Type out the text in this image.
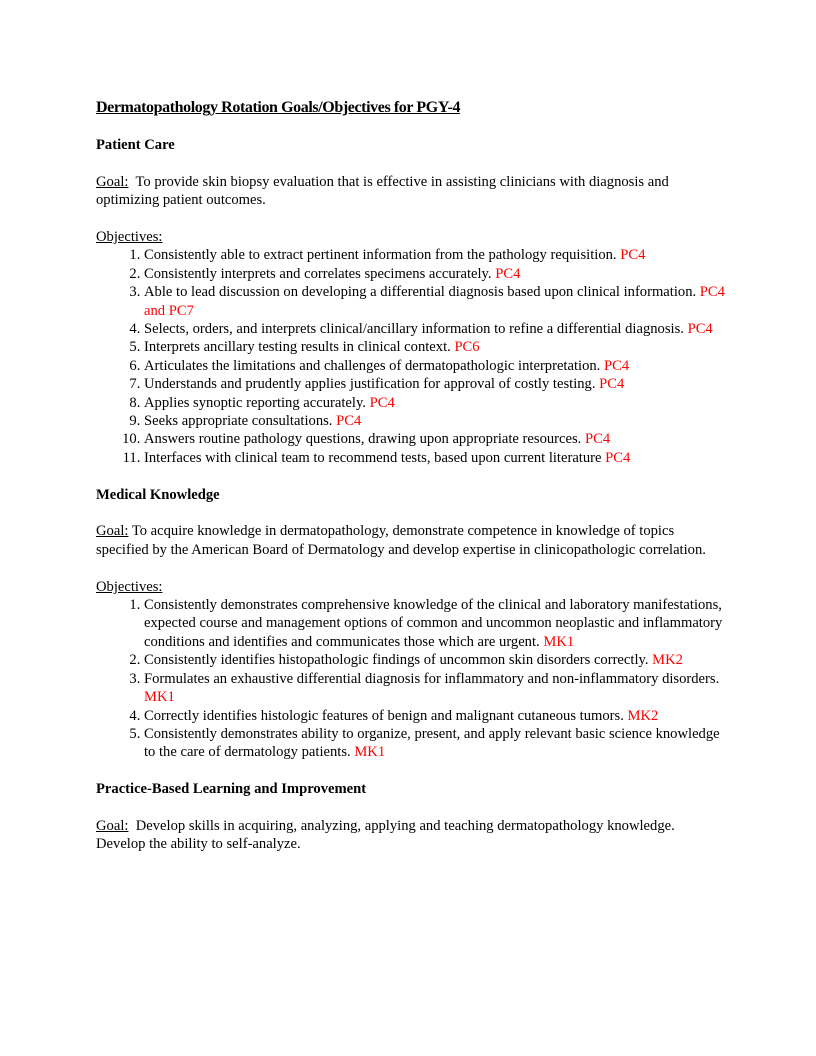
Dermatopathology Rotation Goals/Objectives for PGY-4
Patient Care
Goal: To provide skin biopsy evaluation that is effective in assisting clinicians with diagnosis and optimizing patient outcomes.
Objectives:
1. Consistently able to extract pertinent information from the pathology requisition. PC4
2. Consistently interprets and correlates specimens accurately. PC4
3. Able to lead discussion on developing a differential diagnosis based upon clinical information. PC4 and PC7
4. Selects, orders, and interprets clinical/ancillary information to refine a differential diagnosis. PC4
5. Interprets ancillary testing results in clinical context. PC6
6. Articulates the limitations and challenges of dermatopathologic interpretation. PC4
7. Understands and prudently applies justification for approval of costly testing. PC4
8. Applies synoptic reporting accurately. PC4
9. Seeks appropriate consultations. PC4
10. Answers routine pathology questions, drawing upon appropriate resources. PC4
11. Interfaces with clinical team to recommend tests, based upon current literature PC4
Medical Knowledge
Goal: To acquire knowledge in dermatopathology, demonstrate competence in knowledge of topics specified by the American Board of Dermatology and develop expertise in clinicopathologic correlation.
Objectives:
1. Consistently demonstrates comprehensive knowledge of the clinical and laboratory manifestations, expected course and management options of common and uncommon neoplastic and inflammatory conditions and identifies and communicates those which are urgent. MK1
2. Consistently identifies histopathologic findings of uncommon skin disorders correctly. MK2
3. Formulates an exhaustive differential diagnosis for inflammatory and non-inflammatory disorders. MK1
4. Correctly identifies histologic features of benign and malignant cutaneous tumors. MK2
5. Consistently demonstrates ability to organize, present, and apply relevant basic science knowledge to the care of dermatology patients. MK1
Practice-Based Learning and Improvement
Goal: Develop skills in acquiring, analyzing, applying and teaching dermatopathology knowledge. Develop the ability to self-analyze.
